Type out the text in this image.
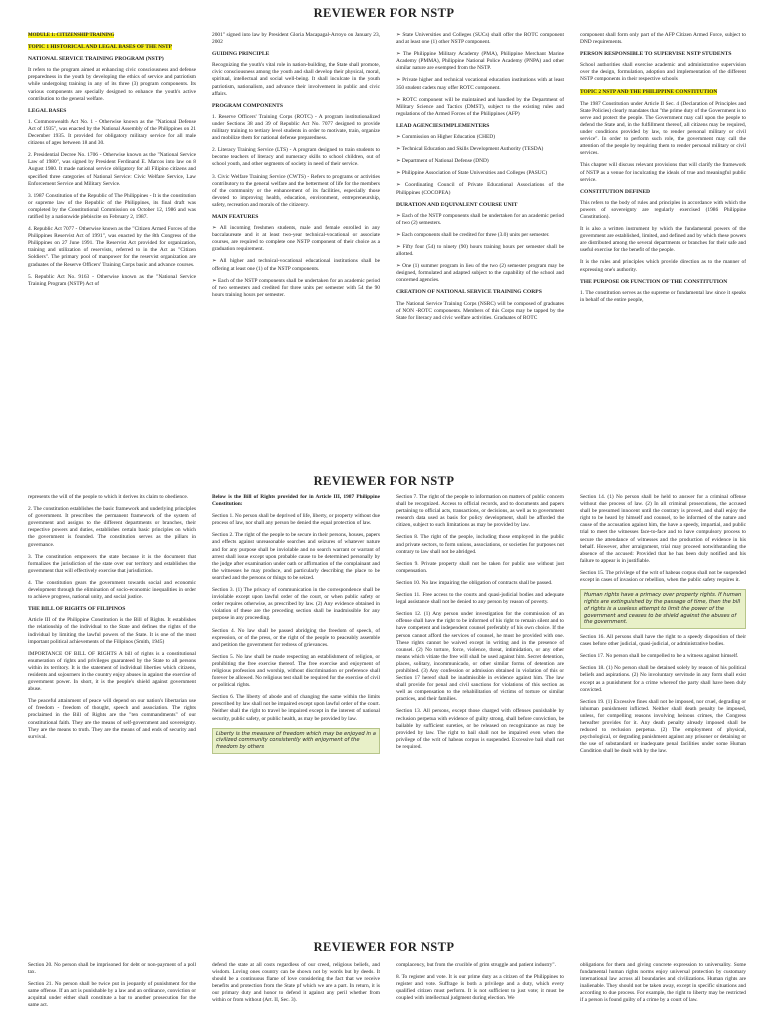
REVIEWER FOR NSTP

MODULE 1: CITIZENSHIP TRAINING

TOPIC 1 HISTORICAL AND LEGAL BASES OF THE NSTP

NATIONAL SERVICE TRAINING PROGRAM (NSTP)

It refers to the program aimed at enhancing civic consciousness and defense preparedness in the youth by developing the ethics of service and patriotism while undergoing training in any of its three (3) program components. Its various components are specially designed to enhance the youth's active contribution to the general welfare.

LEGAL BASES

1. Commonwealth Act No. 1 - Otherwise known as the "National Defense Act of 1935", was enacted by the National Assembly of the Philippines on 21 December 1935. It provided for obligatory military service for all male citizens of ages between 18 and 30.

2. Presidential Decree No. 1706 - Otherwise known as the "National Service Law of 1980", was signed by President Ferdinand E. Marcos into law on 8 August 1980. It made national service obligatory for all Filipino citizens and specified three categories of National Service: Civic Welfare Service, Law Enforcement Service and Military Service.

3. 1987 Constitution of the Republic of The Philippines - It is the constitution or supreme law of the Republic of the Philippines, its final draft was completed by the Constitutional Commission on October 12, 1986 and was ratified by a nationwide plebiscite on February 2, 1987.

4. Republic Act 7077 - Otherwise known as the "Citizen Armed Forces of the Philippines Reservist Act of 1991", was enacted by the 8th Congress of the Philippines on 27 June 1991. The Reservist Act provided for organization, training and utilization of reservists, referred to in the Act as "Citizen Soldiers". The primary pool of manpower for the reservist organization are graduates of the Reserve Officers' Training Corps basic and advance courses.

5. Republic Act No. 9163 - Otherwise known as the "National Service Training Program (NSTP) Act of

2001" signed into law by President Gloria Macapagal-Arroyo on January 23, 2002

GUIDING PRINCIPLE

Recognizing the youth's vital role in nation-building, the State shall promote, civic consciousness among the youth and shall develop their physical, moral, spiritual, intellectual and social well-being. It shall inculcate in the youth patriotism, nationalism, and advance their involvement in public and civic affairs.

PROGRAM COMPONENTS

1. Reserve Officers' Training Corps (ROTC) - A program institutionalized under Sections 38 and 39 of Republic Act No. 7077 designed to provide military training to tertiary level students in order to motivate, train, organize and mobilize them for national defense preparedness.

2. Literacy Training Service (LTS) - A program designed to train students to become teachers of literacy and numeracy skills to school children, out of school youth, and other segments of society in need of their service.

3. Civic Welfare Training Service (CWTS) - Refers to programs or activities contributory to the general welfare and the betterment of life for the members of the community or the enhancement of its facilities, especially those devoted to improving health, education, environment, entrepreneurship, safety, recreation and morals of the citizenry.

MAIN FEATURES

➢ All incoming freshmen students, male and female enrolled in any baccalaureate and it at least two-year technical-vocational or associate courses, are required to complete one NSTP component of their choice as a graduation requirement.

➢ All higher and technical-vocational educational institutions shall be offering at least one (1) of the NSTP components.

➢ Each of the NSTP components shall be undertaken for an academic period of two semesters and credited for three units per semester with 54 the 90 hours training hours per semester.

➢ State Universities and Colleges (SUCs) shall offer the ROTC component and at least one (1) other NSTP component.

➢ The Philippine Military Academy (PMA), Philippine Merchant Marine Academy (PMMA), Philippine National Police Academy (PNPA) and other similar nature are exempted from the NSTP.

➢ Private higher and technical vocational education institutions with at least 350 student cadets may offer ROTC component.

➢ ROTC component will be maintained and handled by the Department of Military Science and Tactics (DMST), subject to the existing rules and regulations of the Armed Forces of the Philippines (AFP)

LEAD AGENCIES/IMPLEMENTERS

➢ Commission on Higher Education (CHED)

➢ Technical Education and Skills Development Authority (TESDA)

➢ Department of National Defense (DND)

➢ Philippine Association of State Universities and Colleges (PASUC)

➢ Coordinating Council of Private Educational Associations of the Philippines (COCOPEA)

DURATION AND EQUIVALENT COURSE UNIT

➢ Each of the NSTP components shall be undertaken for an academic period of two (2) semesters.

➢ Each components shall be credited for three (3.0) units per semester.

➢ Fifty four (54) to ninety (90) hours training hours per semester shall be allotted.

➢ One (1) summer program in lieu of the two (2) semester program may be designed, formulated and adapted subject to the capability of the school and concerned agencies.

CREATION OF NATIONAL SERVICE TRAINING CORPS

The National Service Training Corps (NSRC) will be composed of graduates of NON -ROTC components. Members of this Corps may be tapped by the State for literacy and civic welfare activities. Graduates of ROTC

component shall form only part of the AFP Citizen Armed Force, subject to DND requirements.

PERSON RESPONSIBLE TO SUPERVISE NSTP STUDENTS

School authorities shall exercise academic and administrative supervision over the design, formulation, adoption and implementation of the different NSTP components in their respective schools

TOPIC 2 NSTP AND THE PHILIPPINE CONSTITUTION

The 1987 Constitution under Article II Sec. 4 (Declaration of Principles and State Policies) clearly mandates that "the prime duty of the Government is to serve and protect the people. The Government may call upon the people to defend the State and, in the fulfillment thereof, all citizens may be required, under conditions provided by law, to render personal military or civil service". In order to perform such role, the government may call the attention of the people by requiring them to render personal military or civil services.

This chapter will discuss relevant provisions that will clarify the framework of NSTP as a venue for inculcating the ideals of true and meaningful public service.

CONSTITUTION DEFINED

This refers to the body of rules and principles in accordance with which the powers of sovereignty are regularly exercised (1986 Philippine Constitution).

It is also a written instrument by which the fundamental powers of the government are established, limited, and defined and by which these powers are distributed among the several departments or branches for their safe and useful exercise for the benefit of the people.

It is the rules and principles which provide direction as to the manner of expressing one's authority.

THE PURPOSE OR FUNCTION OF THE CONSTITUTION

1. The constitution serves as the supreme or fundamental law since it speaks in behalf of the entire people,

REVIEWER FOR NSTP

represents the will of the people to which it derives its claim to obedience.

2. The constitution establishes the basic framework and underlying principles of government. It prescribes the permanent framework of the system of government and assigns to the different departments or branches, their respective powers and duties, establishes certain basic principles on which the government is founded. The constitution serves as the pillars in governance.

3. The constitution empowers the state because it is the document that formalizes the jurisdiction of the state over our territory and establishes the government that will effectively exercise that jurisdiction.

4. The constitution gears the government towards social and economic development through the elimination of socio-economic inequalities in order to achieve progress, national unity, and social justice.

THE BILL OF RIGHTS OF FILIPINOS

Article III of the Philippine Constitution is the Bill of Rights. It establishes the relationship of the individual to the State and defines the rights of the individual by limiting the lawful powers of the State. It is one of the most important political achievements of the Filipinos (Smith, 1945)

IMPORTANCE OF BILL OF RIGHTS A bill of rights is a constitutional enumeration of rights and privileges guaranteed by the State to all persons within its territory. It is the statement of individual liberties which citizens, residents and sojourners in the country enjoy abuses in against the exercise of government power. In short, it is the people's shield against government abuse.

The peaceful attainment of peace will depend on our nation's libertarian use of freedom - freedom of thought, speech and association. The rights proclaimed in the Bill of Rights are the "ten commandments" of our constitutional faith. They are the means of self-government and sovereignty. They are the means to truth. They are the means of and ends of security and survival.

Below is the Bill of Rights provided for in Article III, 1987 Philippine Constitution:

Section 1. No person shall be deprived of life, liberty, or property without due process of law, nor shall any person be denied the equal protection of law.

Section 2. The right of the people to be secure in their persons, houses, papers and effects against unreasonable searches and seizures of whatever nature and for any purpose shall be inviolable and no search warrant or warrant of arrest shall issue except upon probable cause to be determined personally by the judge after examination under oath or affirmation of the complainant and the witnesses he may produce, and particularly describing the place to be searched and the persons or things to be seized.

Section 3. (1) The privacy of communication in the correspondence shall be inviolable except upon lawful order of the court, or when public safety or order requires otherwise, as prescribed by law. (2) Any evidence obtained in violation of these are the preceding section shall be inadmissible for any purpose in any proceeding.

Section 4. No law shall be passed abridging the freedom of speech, of expression, or of the press, or the right of the people to peaceably assemble and petition the government for redress of grievances.

Section 5. No law shall be made respecting an establishment of religion, or prohibiting the free exercise thereof. The free exercise and enjoyment of religious profession and worship, without discrimination or preference shall forever be allowed. No religious test shall be required for the exercise of civil or political rights.

Section 6. The liberty of abode and of changing the same within the limits prescribed by law shall not be impaired except upon lawful order of the court. Neither shall the right to travel be impaired except in the interest of national security, public safety, or public health, as may be provided by law.

Liberty is the measure of freedom which may be enjoyed in a civilized community consistently with enjoyment of the freedom by others

Section 7. The right of the people to information on matters of public concern shall be recognized. Access to official records, and to documents and papers pertaining to official acts, transactions, or decisions, as well as to government research data used as basis for policy development, shall be afforded the citizen, subject to such limitations as may be provided by law.

Section 8. The right of the people, including those employed in the public and private sectors, to form unions, associations, or societies for purposes not contrary to law shall not be abridged.

Section 9. Private property shall not be taken for public use without just compensation.

Section 10. No law impairing the obligation of contracts shall be passed.

Section 11. Free access to the courts and quasi-judicial bodies and adequate legal assistance shall not be denied to any person by reason of poverty.

Section 12. (1) Any person under investigation for the commission of an offense shall have the right to be informed of his right to remain silent and to have competent and independent counsel preferably of his own choice. If the person cannot afford the services of counsel, he must be provided with one. These rights cannot be waived except in writing and in the presence of counsel. (2) No torture, force, violence, threat, intimidation, or any other means which vitiate the free will shall be used against him. Secret detention, places, solitary, incommunicado, or other similar forms of detention are prohibited. (3) Any confession or admission obtained in violation of this or Section 17 hereof shall be inadmissible in evidence against him. The law shall provide for penal and civil sanctions for violations of this section as well as compensation to the rehabilitation of victims of torture or similar practices, and their families.

Section 13. All persons, except those charged with offenses punishable by reclusion perpetua with evidence of guilty strong, shall before conviction, be bailable by sufficient sureties, or be released on recognizance as may be provided by law. The right to bail shall not be impaired even when the privilege of the writ of habeas corpus is suspended. Excessive bail shall not be required.

Section 14. (1) No person shall be held to answer for a criminal offense without due process of law. (2) In all criminal prosecutions, the accused shall be presumed innocent until the contrary is proved, and shall enjoy the right to be heard by himself and counsel, to be informed of the nature and cause of the accusation against him, the have a speedy, impartial, and public trial to meet the witnesses face-to-face and to have compulsory process to secure the attendance of witnesses and the production of evidence in his behalf. However, after arraignment, trial may proceed notwithstanding the absence of the accused: Provided that he has been duly notified and his failure to appear is in justifiable.

Section 15. The privilege of the writ of habeas corpus shall not be suspended except in cases of invasion or rebellion, when the public safety requires it.

Human rights have a primacy over property rights. If human rights are extinguished by the passage of time, then the bill of rights is a useless attempt to limit the power of the government and ceases to be shield against the abuses of the government.

Section 16. All persons shall have the right to a speedy disposition of their cases before other judicial, quasi-judicial, or administrative bodies.

Section 17. No person shall be compelled to be a witness against himself.

Section 18. (1) No person shall be detained solely by reason of his political beliefs and aspirations. (2) No involuntary servitude in any form shall exist except as a punishment for a crime whereof the party shall have been duly convicted.

Section 19. (1) Excessive fines shall not be imposed, nor cruel, degrading or inhuman punishment inflicted. Neither shall death penalty be imposed, unless, for compelling reasons involving heinous crimes, the Congress hereafter provides for it. Any death penalty already imposed shall be reduced to reclusion perpetua. (2) The employment of physical, psychological, or degrading punishment against any prisoner or detaining or the use of substandard or inadequate penal facilities under some Human Condition shall be dealt with by the law.

REVIEWER FOR NSTP

Section 20. No person shall be imprisoned for debt or non-payment of a poll tax.

Section 21. No person shall be twice put in jeopardy of punishment for the same offense. If an act is punishable by a law and an ordinance, conviction or acquittal under either shall constitute a bar to another prosecution for the same act.

defend the state at all costs regardless of our creed, religious beliefs, and wisdom. Loving ones country can be shown not by words but by deeds. It should be a continuous flame of love considering the fact that we receive benefits and protection from the State pf which we are a part. In return, it is our primary duty and honor to defend it against any peril whether from within or from without (Art. II, Sec. 3).

complacency, but from the crucible of grim struggle and patient industry".

8. To register and vote. It is our prime duty as a citizen of the Philippines to register and vote. Suffrage is both a privilege and a duty, which every qualified citizen must perform. It is not sufficient to just vote; it must be coupled with intellectual judgment during election. We

obligations for them and giving concrete expression to universality. Some fundamental human rights norms enjoy universal protection by customary international law across all boundaries and civilizations. Human rights are inalienable. They should not be taken away, except in specific situations and according to due process. For example, the right to liberty may be restricted if a person is found guilty of a crime by a court of law.
